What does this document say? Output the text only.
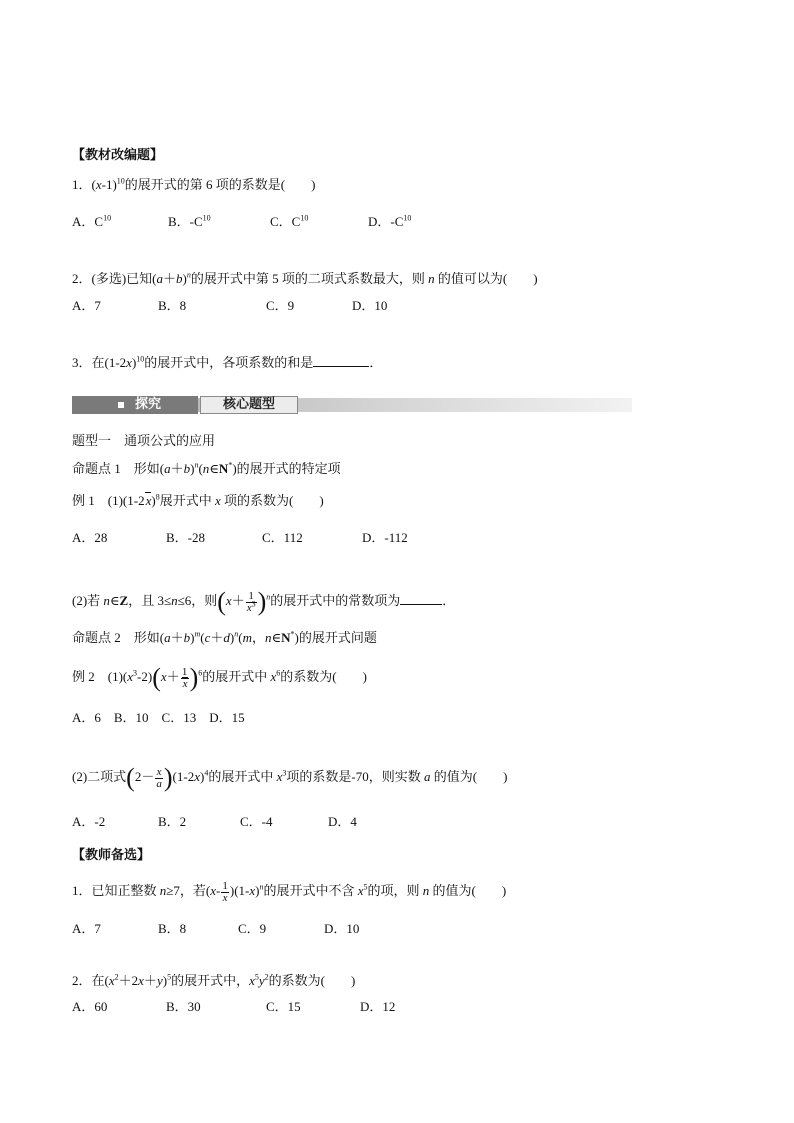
【教材改编题】
1．$(x-1)^{10}$的展开式的第 6 项的系数是(　　 )
A．$C^{10}$	B．$-C^{10}$	C．$C^{10}$	D．$-C^{10}$
2．(多选)已知$(a+b)^n$的展开式中第 5 项的二项式系数最大，则 n 的值可以为(　　 )
A．7	B．8	C．9	D．10
3．在$(1-2x)^{10}$的展开式中，各项系数的和是	．
探究	核心题型
题型一　通项公式的应用
命题点 1　形如$(a+b)^n(n\in N^*)$的展开式的特定项
例 1　$(1)(1-2x)^8$展开式中 x 项的系数为(　　 )
A．28	B．-28	C．112	D．-112
(2)若 n∈Z，且 3≤n≤6，则$(x+ \frac{1}{x^3} )^n$的展开式中的常数项为	．
命题点 2　形如$(a+b)^m(c+d)^n(m$，n∈N*)的展开式问题
例 2　$(1)(x^3-2)(x+ \frac{1}{x} )^6$的展开式中 $x^6$的系数为(　　 )
A．6　B．10　C．13　D．15
(2)二项式$(2- \frac{x}{a} )(1-2x)^4$的展开式中 $x^3$项的系数是-70，则实数 a 的值为(　　 )
A．-2	B．2	C．-4	D．4
【教师备选】
1．已知正整数 n≥7，若$(x- \frac{1}{x} )(1-x)^n$的展开式中不含 $x^5$的项，则 n 的值为(　　 )
A．7	B．8	C．9	D．10
2．在$(x^2+2x+y)^5$的展开式中，$x^5y^2$的系数为(　　 )
A．60	B．30	C．15	D．12
